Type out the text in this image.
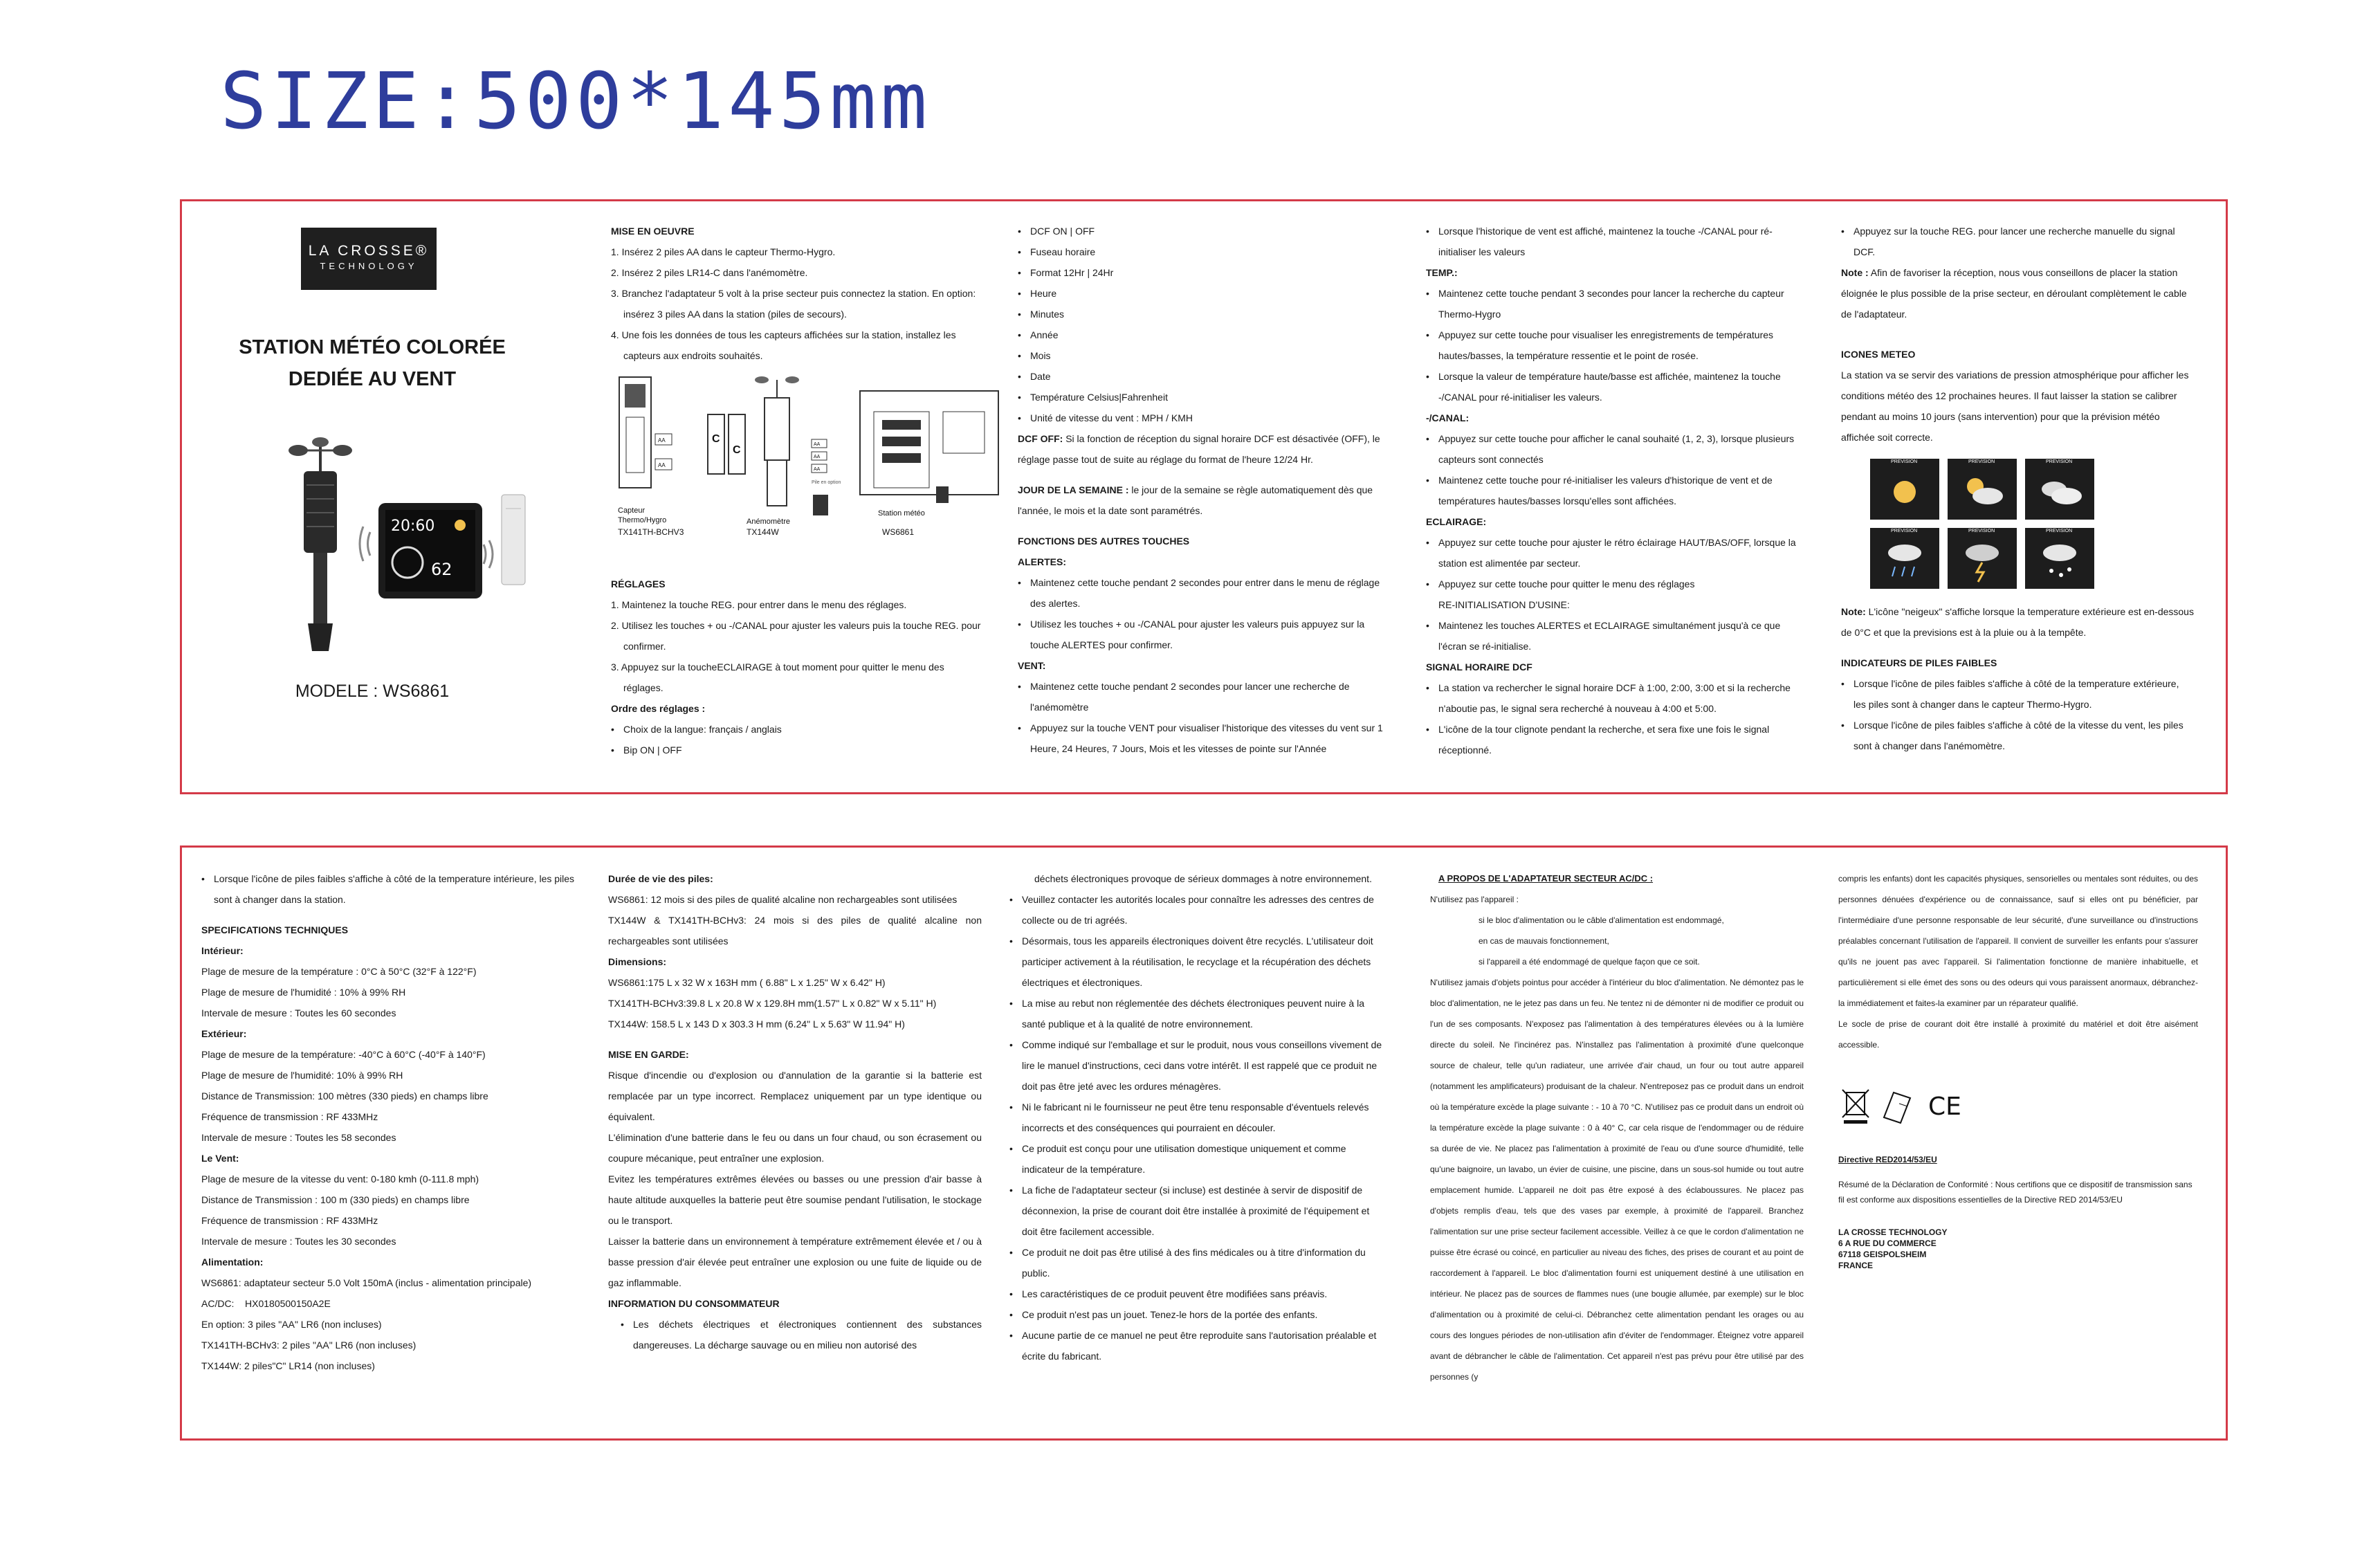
SIZE:500*145mm
LA CROSSE®
TECHNOLOGY
STATION MÉTÉO COLORÉE
DEDIÉE AU VENT
20:60
62
MODELE : WS6861

MISE EN OEUVRE

1. Insérez 2 piles AA dans le capteur Thermo-Hygro.

2. Insérez 2 piles LR14-C dans l'anémomètre.

3. Branchez l'adaptateur 5 volt à la prise secteur puis connectez la station. En option: insérez 3 piles AA dans la station (piles de secours).

4. Une fois les données de tous les capteurs affichées sur la station, installez les capteurs aux endroits souhaités.

AA
AA
C
C	AA
AA
AA
Pile en option
Capteur
Thermo/Hygro
TX141TH-BCHV3
Anémomètre
TX144W
Station météo
WS6861

RÉGLAGES

1. Maintenez la touche REG. pour entrer dans le menu des réglages.

2. Utilisez les touches + ou -/CANAL pour ajuster les valeurs puis la touche REG. pour confirmer.

3. Appuyez sur la toucheECLAIRAGE à tout moment pour quitter le menu des réglages.

Ordre des réglages :

• Choix de la langue: français / anglais

• Bip ON | OFF

• DCF ON | OFF

• Fuseau horaire

• Format 12Hr | 24Hr

• Heure

• Minutes

• Année

• Mois

• Date

• Température Celsius|Fahrenheit

• Unité de vitesse du vent : MPH / KMH

DCF OFF: Si la fonction de réception du signal horaire DCF est désactivée (OFF), le réglage passe tout de suite au réglage du format de l'heure 12/24 Hr.

JOUR DE LA SEMAINE : le jour de la semaine se règle automatiquement dès que l'année, le mois et la date sont paramétrés.

FONCTIONS DES AUTRES TOUCHES

ALERTES:

• Maintenez cette touche pendant 2 secondes pour entrer dans le menu de réglage des alertes.

• Utilisez les touches + ou -/CANAL pour ajuster les valeurs puis appuyez sur la touche ALERTES pour confirmer.

VENT:

• Maintenez cette touche pendant 2 secondes pour lancer une recherche de l'anémomètre

• Appuyez sur la touche VENT pour visualiser l'historique des vitesses du vent sur 1 Heure, 24 Heures, 7 Jours, Mois et les vitesses de pointe sur l'Année

• Lorsque l'historique de vent est affiché, maintenez la touche -/CANAL pour ré-initialiser les valeurs

TEMP.:

• Maintenez cette touche pendant 3 secondes pour lancer la recherche du capteur Thermo-Hygro

• Appuyez sur cette touche pour visualiser les enregistrements de températures hautes/basses, la température ressentie et le point de rosée.

• Lorsque la valeur de température haute/basse est affichée, maintenez la touche -/CANAL pour ré-initialiser les valeurs.

-/CANAL:

• Appuyez sur cette touche pour afficher le canal souhaité (1, 2, 3), lorsque plusieurs capteurs sont connectés

• Maintenez cette touche pour ré-initialiser les valeurs d'historique de vent et de températures hautes/basses lorsqu'elles sont affichées.

ECLAIRAGE:

• Appuyez sur cette touche pour ajuster le rétro éclairage HAUT/BAS/OFF, lorsque la station est alimentée par secteur.

• Appuyez sur cette touche pour quitter le menu des réglages

RE-INITIALISATION D'USINE:

• Maintenez les touches ALERTES et ECLAIRAGE simultanément jusqu'à ce que l'écran se ré-initialise.

SIGNAL HORAIRE DCF

• La station va rechercher le signal horaire DCF à 1:00, 2:00, 3:00 et si la recherche n'aboutie pas, le signal sera recherché à nouveau à 4:00 et 5:00.

• L'icône de la tour clignote pendant la recherche, et sera fixe une fois le signal réceptionné.

• Appuyez sur la touche REG. pour lancer une recherche manuelle du signal DCF.

Note : Afin de favoriser la réception, nous vous conseillons de placer la station éloignée le plus possible de la prise secteur, en déroulant complètement le cable de l'adaptateur.

ICONES METEO

La station va se servir des variations de pression atmosphérique pour afficher les conditions météo des 12 prochaines heures. Il faut laisser la station se calibrer pendant au moins 10 jours (sans intervention) pour que la prévision météo affichée soit correcte.

PREVISION	PREVISION	PREVISION
PREVISION	PREVISION	PREVISION

Note: L'icône "neigeux" s'affiche lorsque la temperature extérieure est en-dessous de 0°C et que la previsions est à la pluie ou à la tempête.

INDICATEURS DE PILES FAIBLES

• Lorsque l'icône de piles faibles s'affiche à côté de la temperature extérieure, les piles sont à changer dans le capteur Thermo-Hygro.

• Lorsque l'icône de piles faibles s'affiche à côté de la vitesse du vent, les piles sont à changer dans l'anémomètre.

• Lorsque l'icône de piles faibles s'affiche à côté de la temperature intérieure, les piles sont à changer dans la station.

SPECIFICATIONS TECHNIQUES

Intérieur:

Plage de mesure de la température : 0°C à 50°C (32°F à 122°F)

Plage de mesure de l'humidité : 10% à 99% RH

Intervale de mesure : Toutes les 60 secondes

Extérieur:

Plage de mesure de la température: -40°C à 60°C (-40°F à 140°F)

Plage de mesure de l'humidité: 10% à 99% RH

Distance de Transmission: 100 mètres (330 pieds) en champs libre

Fréquence de transmission : RF 433MHz

Intervale de mesure : Toutes les 58 secondes

Le Vent:

Plage de mesure de la vitesse du vent: 0-180 kmh (0-111.8 mph)

Distance de Transmission : 100 m (330 pieds) en champs libre

Fréquence de transmission : RF 433MHz

Intervale de mesure : Toutes les 30 secondes

Alimentation:

WS6861: adaptateur secteur 5.0 Volt 150mA (inclus - alimentation principale)

AC/DC:    HX0180500150A2E

En option: 3 piles "AA" LR6 (non incluses)

TX141TH-BCHv3: 2 piles "AA" LR6 (non incluses)

TX144W: 2 piles"C" LR14 (non incluses)

Durée de vie des piles:

WS6861: 12 mois si des piles de qualité alcaline non rechargeables sont utilisées

TX144W & TX141TH-BCHv3: 24 mois si des piles de qualité alcaline non rechargeables sont utilisées

Dimensions:

WS6861:175 L x 32 W x 163H mm ( 6.88" L x 1.25" W x 6.42" H)

TX141TH-BCHv3:39.8 L x 20.8 W x 129.8H mm(1.57" L x 0.82" W x 5.11" H)

TX144W: 158.5 L x 143 D x 303.3 H mm (6.24" L x 5.63" W 11.94" H)

MISE EN GARDE:

Risque d'incendie ou d'explosion ou d'annulation de la garantie si la batterie est remplacée par un type incorrect. Remplacez uniquement par un type identique ou équivalent.

L'élimination d'une batterie dans le feu ou dans un four chaud, ou son écrasement ou coupure mécanique, peut entraîner une explosion.

Evitez les températures extrêmes élevées ou basses ou une pression d'air basse à haute altitude auxquelles la batterie peut être soumise pendant l'utilisation, le stockage ou le transport.

Laisser la batterie dans un environnement à température extrêmement élevée et / ou à basse pression d'air élevée peut entraîner une explosion ou une fuite de liquide ou de gaz inflammable.

INFORMATION DU CONSOMMATEUR

• Les déchets électriques et électroniques contiennent des substances dangereuses. La décharge sauvage ou en milieu non autorisé des

déchets électroniques provoque de sérieux dommages à notre environnement.

• Veuillez contacter les autorités locales pour connaître les adresses des centres de collecte ou de tri agréés.

• Désormais, tous les appareils électroniques doivent être recyclés. L'utilisateur doit participer activement à la réutilisation, le recyclage et la récupération des déchets électriques et électroniques.

• La mise au rebut non réglementée des déchets électroniques peuvent nuire à la santé publique et à la qualité de notre environnement.

• Comme indiqué sur l'emballage et sur le produit, nous vous conseillons vivement de lire le manuel d'instructions, ceci dans votre intérêt. Il est rappelé que ce produit ne doit pas être jeté avec les ordures ménagères.

• Ni le fabricant ni le fournisseur ne peut être tenu responsable d'éventuels relevés incorrects et des conséquences qui pourraient en découler.

• Ce produit est conçu pour une utilisation domestique uniquement et comme indicateur de la température.

• La fiche de l'adaptateur secteur (si incluse) est destinée à servir de dispositif de déconnexion, la prise de courant doit être installée à proximité de l'équipement et doit être facilement accessible.

• Ce produit ne doit pas être utilisé à des fins médicales ou à titre d'information du public.

• Les caractéristiques de ce produit peuvent être modifiées sans préavis.

• Ce produit n'est pas un jouet. Tenez-le hors de la portée des enfants.

• Aucune partie de ce manuel ne peut être reproduite sans l'autorisation préalable et écrite du fabricant.

A PROPOS DE L'ADAPTATEUR SECTEUR AC/DC :

N'utilisez pas l'appareil :

si le bloc d'alimentation ou le câble d'alimentation est endommagé,

en cas de mauvais fonctionnement,

si l'appareil a été endommagé de quelque façon que ce soit.

N'utilisez jamais d'objets pointus pour accéder à l'intérieur du bloc d'alimentation. Ne démontez pas le bloc d'alimentation, ne le jetez pas dans un feu. Ne tentez ni de démonter ni de modifier ce produit ou l'un de ses composants. N'exposez pas l'alimentation à des températures élevées ou à la lumière directe du soleil. Ne l'incinérez pas. N'installez pas l'alimentation à proximité d'une quelconque source de chaleur, telle qu'un radiateur, une arrivée d'air chaud, un four ou tout autre appareil (notamment les amplificateurs) produisant de la chaleur. N'entreposez pas ce produit dans un endroit où la température excède la plage suivante : - 10 à 70 °C. N'utilisez pas ce produit dans un endroit où la température excède la plage suivante : 0 à 40° C, car cela risque de l'endommager ou de réduire sa durée de vie. Ne placez pas l'alimentation à proximité de l'eau ou d'une source d'humidité, telle qu'une baignoire, un lavabo, un évier de cuisine, une piscine, dans un sous-sol humide ou tout autre emplacement humide. L'appareil ne doit pas être exposé à des éclaboussures. Ne placez pas d'objets remplis d'eau, tels que des vases par exemple, à proximité de l'appareil. Branchez l'alimentation sur une prise secteur facilement accessible. Veillez à ce que le cordon d'alimentation ne puisse être écrasé ou coincé, en particulier au niveau des fiches, des prises de courant et au point de raccordement à l'appareil. Le bloc d'alimentation fourni est uniquement destiné à une utilisation en intérieur. Ne placez pas de sources de flammes nues (une bougie allumée, par exemple) sur le bloc d'alimentation ou à proximité de celui-ci. Débranchez cette alimentation pendant les orages ou au cours des longues périodes de non-utilisation afin d'éviter de l'endommager. Éteignez votre appareil avant de débrancher le câble de l'alimentation. Cet appareil n'est pas prévu pour être utilisé par des personnes (y

compris les enfants) dont les capacités physiques, sensorielles ou mentales sont réduites, ou des personnes dénuées d'expérience ou de connaissance, sauf si elles ont pu bénéficier, par l'intermédiaire d'une personne responsable de leur sécurité, d'une surveillance ou d'instructions préalables concernant l'utilisation de l'appareil. Il convient de surveiller les enfants pour s'assurer qu'ils ne jouent pas avec l'appareil. Si l'alimentation fonctionne de manière inhabituelle, et particulièrement si elle émet des sons ou des odeurs qui vous paraissent anormaux, débranchez-la immédiatement et faites-la examiner par un réparateur qualifié.

Le socle de prise de courant doit être installé à proximité du matériel et doit être aisément accessible.

CE

Directive RED2014/53/EU

Résumé de la Déclaration de Conformité : Nous certifions que ce dispositif de transmission sans fil est conforme aux dispositions essentielles de la Directive RED 2014/53/EU

LA CROSSE TECHNOLOGY

6 A RUE DU COMMERCE

67118 GEISPOLSHEIM

FRANCE
